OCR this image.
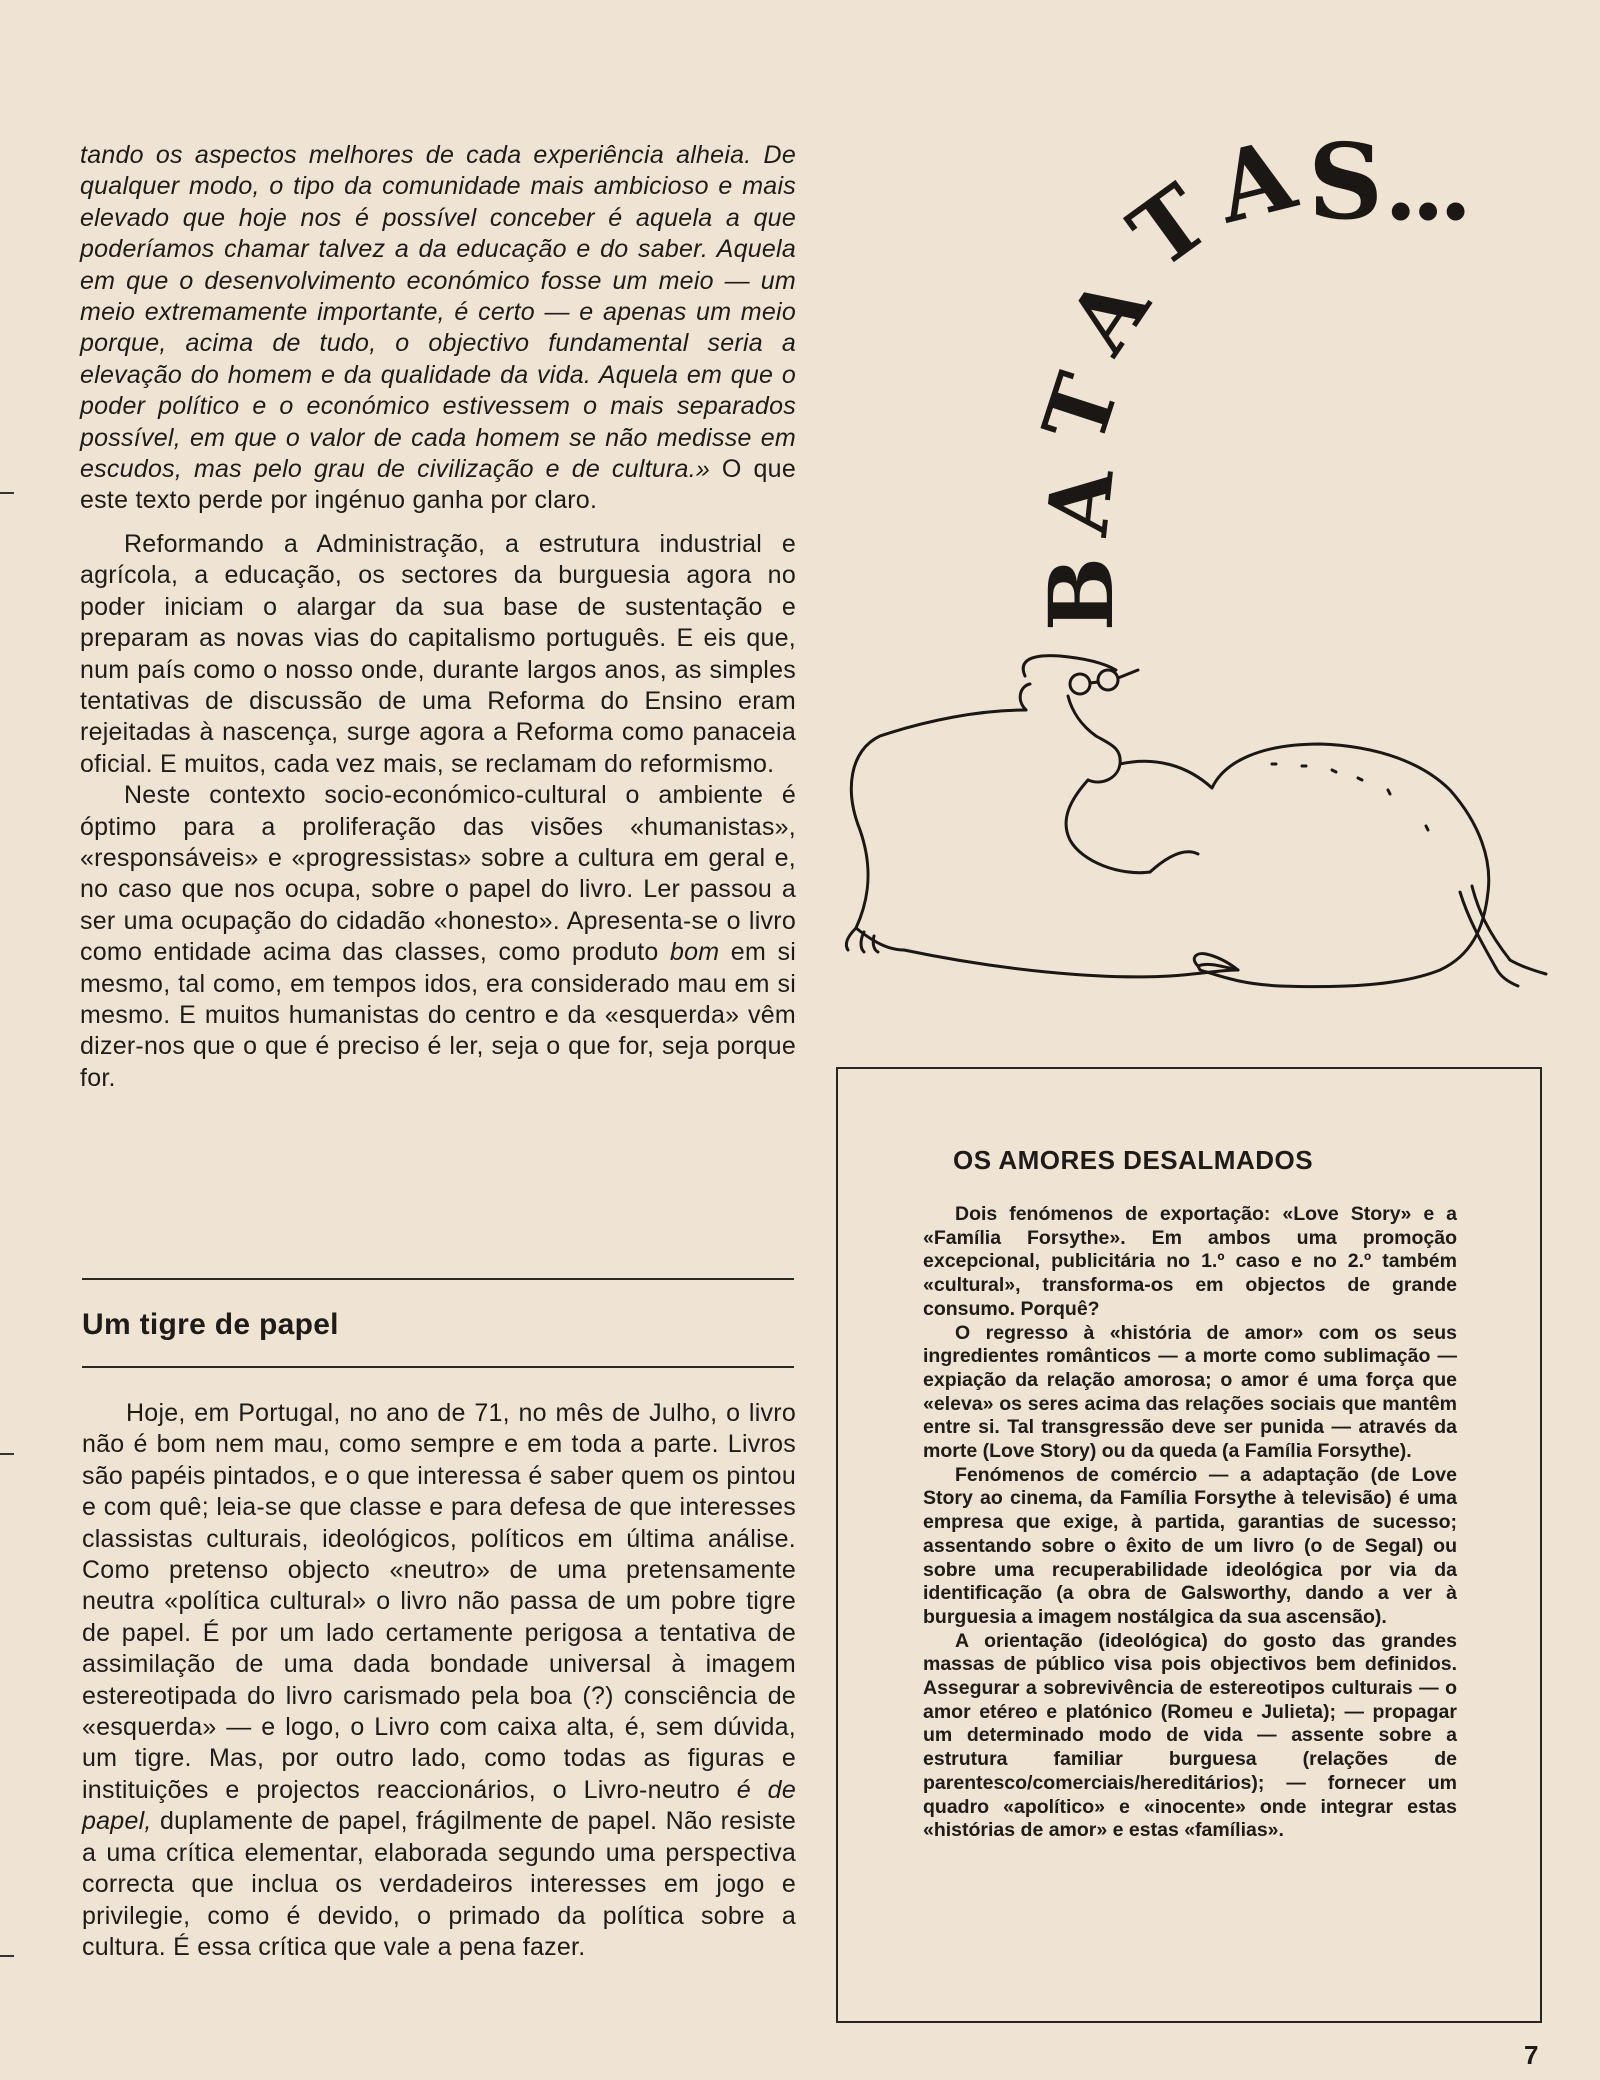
tando os aspectos melhores de cada experiência alheia. De qualquer modo, o tipo da comunidade mais ambicioso e mais elevado que hoje nos é possível conceber é aquela a que poderíamos chamar talvez a da educação e do saber. Aquela em que o desenvolvimento económico fosse um meio — um meio extremamente importante, é certo — e apenas um meio porque, acima de tudo, o objectivo fundamental seria a elevação do homem e da qualidade da vida. Aquela em que o poder político e o económico estivessem o mais separados possível, em que o valor de cada homem se não medisse em escudos, mas pelo grau de civilização e de cultura.» O que este texto perde por ingénuo ganha por claro.

Reformando a Administração, a estrutura industrial e agrícola, a educação, os sectores da burguesia agora no poder iniciam o alargar da sua base de sustentação e preparam as novas vias do capitalismo português. E eis que, num país como o nosso onde, durante largos anos, as simples tentativas de discussão de uma Reforma do Ensino eram rejeitadas à nascença, surge agora a Reforma como panaceia oficial. E muitos, cada vez mais, se reclamam do reformismo.

Neste contexto socio-económico-cultural o ambiente é óptimo para a proliferação das visões «humanistas», «responsáveis» e «progressistas» sobre a cultura em geral e, no caso que nos ocupa, sobre o papel do livro. Ler passou a ser uma ocupação do cidadão «honesto». Apresenta-se o livro como entidade acima das classes, como produto bom em si mesmo, tal como, em tempos idos, era considerado mau em si mesmo. E muitos humanistas do centro e da «esquerda» vêm dizer-nos que o que é preciso é ler, seja o que for, seja porque for.

Um tigre de papel

Hoje, em Portugal, no ano de 71, no mês de Julho, o livro não é bom nem mau, como sempre e em toda a parte. Livros são papéis pintados, e o que interessa é saber quem os pintou e com quê; leia-se que classe e para defesa de que interesses classistas culturais, ideológicos, políticos em última análise. Como pretenso objecto «neutro» de uma pretensamente neutra «política cultural» o livro não passa de um pobre tigre de papel. É por um lado certamente perigosa a tentativa de assimilação de uma dada bondade universal à imagem estereotipada do livro carismado pela boa (?) consciência de «esquerda» — e logo, o Livro com caixa alta, é, sem dúvida, um tigre. Mas, por outro lado, como todas as figuras e instituições e projectos reaccionários, o Livro-neutro é de papel, duplamente de papel, frágilmente de papel. Não resiste a uma crítica elementar, elaborada segundo uma perspectiva correcta que inclua os verdadeiros interesses em jogo e privilegie, como é devido, o primado da política sobre a cultura. É essa crítica que vale a pena fazer.

B
A
T
A
T
A S ...
OS AMORES DESALMADOS

Dois fenómenos de exportação: «Love Story» e a «Família Forsythe». Em ambos uma promoção excepcional, publicitária no 1.º caso e no 2.º também «cultural», transforma-os em objectos de grande consumo. Porquê?

O regresso à «história de amor» com os seus ingredientes românticos — a morte como sublimação — expiação da relação amorosa; o amor é uma força que «eleva» os seres acima das relações sociais que mantêm entre si. Tal transgressão deve ser punida — através da morte (Love Story) ou da queda (a Família Forsythe).

Fenómenos de comércio — a adaptação (de Love Story ao cinema, da Família Forsythe à televisão) é uma empresa que exige, à partida, garantias de sucesso; assentando sobre o êxito de um livro (o de Segal) ou sobre uma recuperabilidade ideológica por via da identificação (a obra de Galsworthy, dando a ver à burguesia a imagem nostálgica da sua ascensão).

A orientação (ideológica) do gosto das grandes massas de público visa pois objectivos bem definidos. Assegurar a sobrevivência de estereotipos culturais — o amor etéreo e platónico (Romeu e Julieta); — propagar um determinado modo de vida — assente sobre a estrutura familiar burguesa (relações de parentesco/comerciais/hereditários); — fornecer um quadro «apolítico» e «inocente» onde integrar estas «histórias de amor» e estas «famílias».

7
